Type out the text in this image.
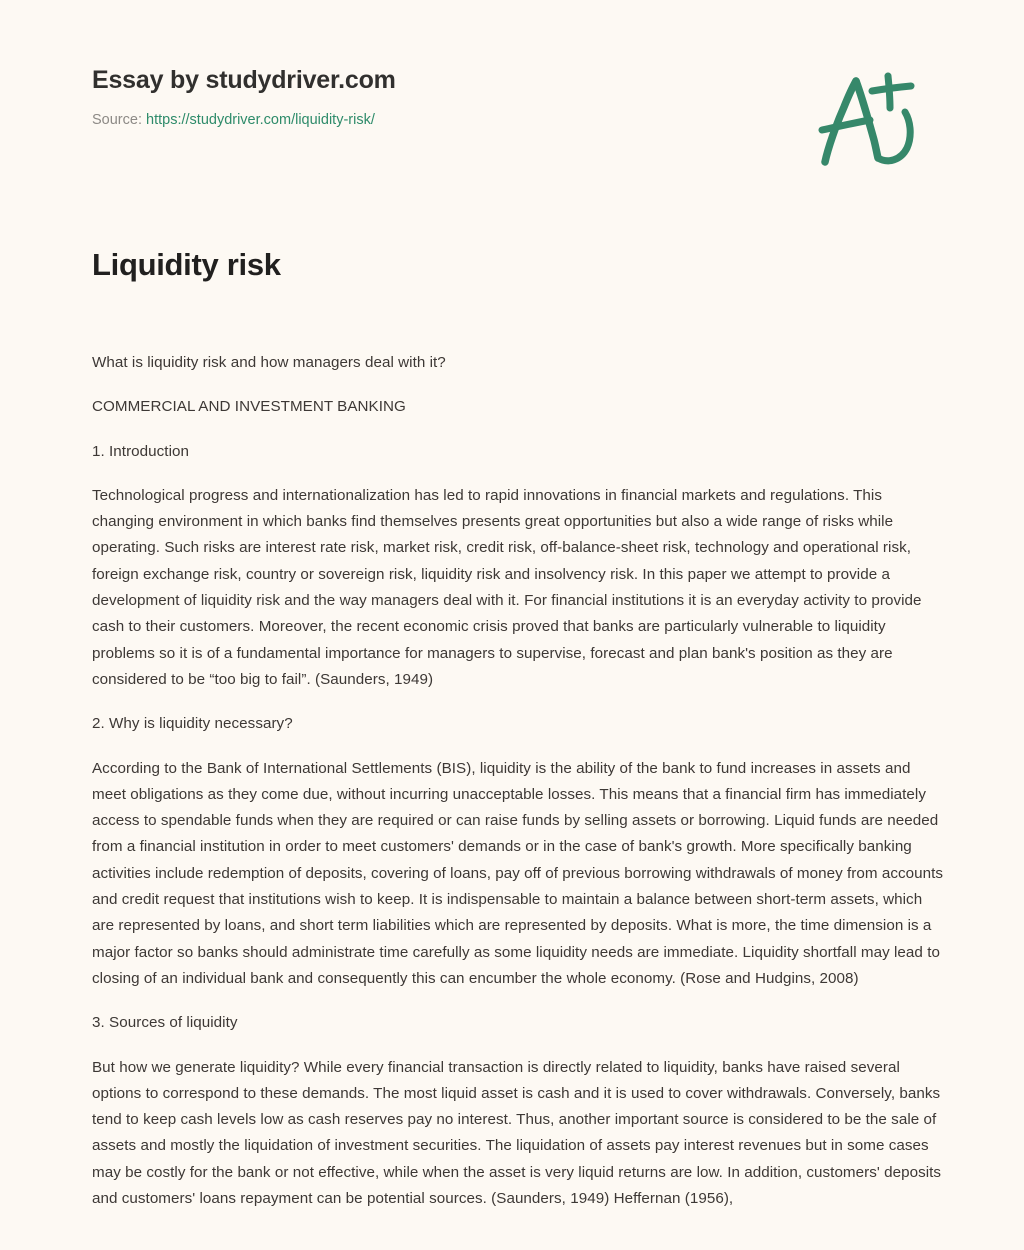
Essay by studydriver.com
Source: https://studydriver.com/liquidity-risk/
Liquidity risk

What is liquidity risk and how managers deal with it?

COMMERCIAL AND INVESTMENT BANKING

1. Introduction

Technological progress and internationalization has led to rapid innovations in financial markets and regulations. This changing environment in which banks find themselves presents great opportunities but also a wide range of risks while operating. Such risks are interest rate risk, market risk, credit risk, off-balance-sheet risk, technology and operational risk, foreign exchange risk, country or sovereign risk, liquidity risk and insolvency risk. In this paper we attempt to provide a development of liquidity risk and the way managers deal with it. For financial institutions it is an everyday activity to provide cash to their customers. Moreover, the recent economic crisis proved that banks are particularly vulnerable to liquidity problems so it is of a fundamental importance for managers to supervise, forecast and plan bank's position as they are considered to be “too big to fail”. (Saunders, 1949)

2. Why is liquidity necessary?

According to the Bank of International Settlements (BIS), liquidity is the ability of the bank to fund increases in assets and meet obligations as they come due, without incurring unacceptable losses. This means that a financial firm has immediately access to spendable funds when they are required or can raise funds by selling assets or borrowing. Liquid funds are needed from a financial institution in order to meet customers' demands or in the case of bank's growth. More specifically banking activities include redemption of deposits, covering of loans, pay off of previous borrowing withdrawals of money from accounts and credit request that institutions wish to keep. It is indispensable to maintain a balance between short-term assets, which are represented by loans, and short term liabilities which are represented by deposits. What is more, the time dimension is a major factor so banks should administrate time carefully as some liquidity needs are immediate. Liquidity shortfall may lead to closing of an individual bank and consequently this can encumber the whole economy. (Rose and Hudgins, 2008)

3. Sources of liquidity

But how we generate liquidity? While every financial transaction is directly related to liquidity, banks have raised several options to correspond to these demands. The most liquid asset is cash and it is used to cover withdrawals. Conversely, banks tend to keep cash levels low as cash reserves pay no interest. Thus, another important source is considered to be the sale of assets and mostly the liquidation of investment securities. The liquidation of assets pay interest revenues but in some cases may be costly for the bank or not effective, while when the asset is very liquid returns are low. In addition, customers' deposits and customers' loans repayment can be potential sources. (Saunders, 1949) Heffernan (1956),
